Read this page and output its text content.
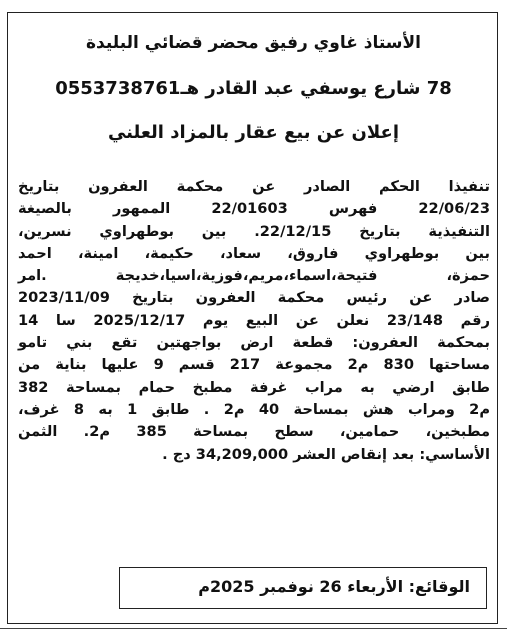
الأستاذ غاوي رفيق محضر قضائي البليدة
78 شارع يوسفي عبد القادر هـ0553738761
إعلان عن بيع عقار بالمزاد العلني
تنفيذا الحكم الصادر عن محكمة العفرون بتاريخ
22/06/23 فهرس 22/01603 الممهور بالصيغة
التنفيذية بتاريخ 22/12/15. بين بوطهراوي نسرين،
بين بوطهراوي فاروق، سعاد، حكيمة، امينة، احمد
حمزة، فتيحة،اسماء،مريم،فوزية،اسيا،خديجة .امر
صادر عن رئيس محكمة العفرون بتاريخ 2023/11/09
رقم 23/148 نعلن عن البيع يوم 2025/12/17 سا 14
بمحكمة العفرون: قطعة ارض بواجهتين تقع بني تامو
مساحتها 830 م2 مجموعة 217 قسم 9 عليها بناية من
طابق ارضي به مراب غرفة مطبخ حمام بمساحة 382
م2 ومراب هش بمساحة 40 م2 . طابق 1 به 8 غرف،
مطبخين، حمامين، سطح بمساحة 385 م2. الثمن
الأساسي: بعد إنقاص العشر 34,209,000 دج .
الوقائع: الأربعاء 26 نوفمبر 2025م
